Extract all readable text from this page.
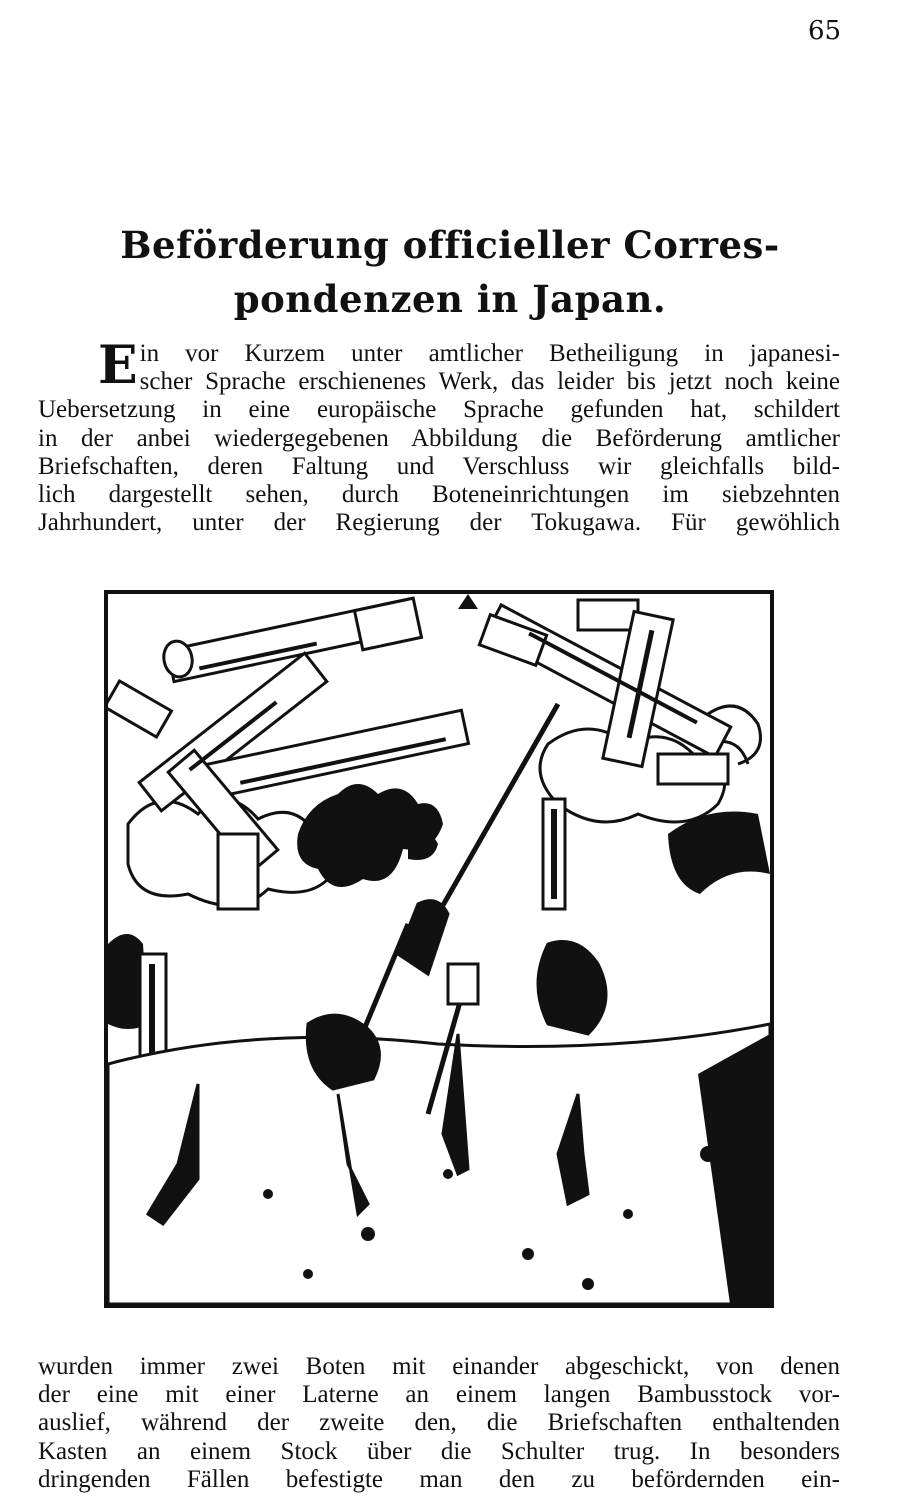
65
Beförderung officieller Corres-
pondenzen in Japan.
E in vor Kurzem unter amtlicher Betheiligung in japanesi-
scher Sprache erschienenes Werk, das leider bis jetzt noch keine
Uebersetzung in eine europäische Sprache gefunden hat, schildert
in der anbei wiedergegebenen Abbildung die Beförderung amtlicher
Briefschaften, deren Faltung und Verschluss wir gleichfalls bild-
lich dargestellt sehen, durch Boteneinrichtungen im siebzehnten
Jahrhundert, unter der Regierung der Tokugawa. Für gewöhlich
wurden immer zwei Boten mit einander abgeschickt, von denen
der eine mit einer Laterne an einem langen Bambusstock vor-
auslief, während der zweite den, die Briefschaften enthaltenden
Kasten an einem Stock über die Schulter trug. In besonders
dringenden Fällen befestigte man den zu befördernden ein-
